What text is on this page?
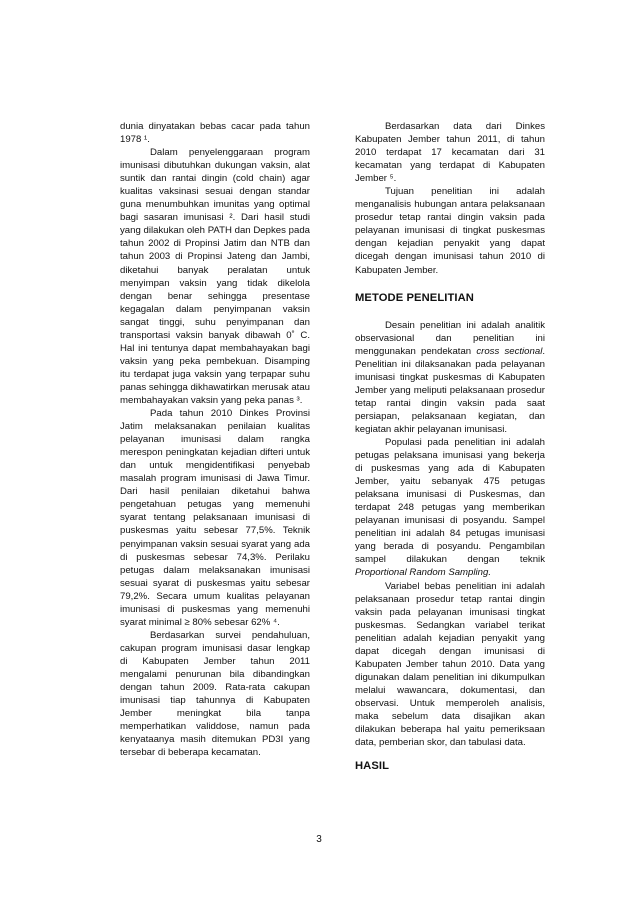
dunia dinyatakan bebas cacar pada tahun 1978 ¹.

Dalam penyelenggaraan program imunisasi dibutuhkan dukungan vaksin, alat suntik dan rantai dingin (cold chain) agar kualitas vaksinasi sesuai dengan standar guna menumbuhkan imunitas yang optimal bagi sasaran imunisasi ². Dari hasil studi yang dilakukan oleh PATH dan Depkes pada tahun 2002 di Propinsi Jatim dan NTB dan tahun 2003 di Propinsi Jateng dan Jambi, diketahui banyak peralatan untuk menyimpan vaksin yang tidak dikelola dengan benar sehingga presentase kegagalan dalam penyimpanan vaksin sangat tinggi, suhu penyimpanan dan transportasi vaksin banyak dibawah 0˚ C. Hal ini tentunya dapat membahayakan bagi vaksin yang peka pembekuan. Disamping itu terdapat juga vaksin yang terpapar suhu panas sehingga dikhawatirkan merusak atau membahayakan vaksin yang peka panas ³.

Pada tahun 2010 Dinkes Provinsi Jatim melaksanakan penilaian kualitas pelayanan imunisasi dalam rangka merespon peningkatan kejadian difteri untuk dan untuk mengidentifikasi penyebab masalah program imunisasi di Jawa Timur. Dari hasil penilaian diketahui bahwa pengetahuan petugas yang memenuhi syarat tentang pelaksanaan imunisasi di puskesmas yaitu sebesar 77,5%. Teknik penyimpanan vaksin sesuai syarat yang ada di puskesmas sebesar 74,3%. Perilaku petugas dalam melaksanakan imunisasi sesuai syarat di puskesmas yaitu sebesar 79,2%. Secara umum kualitas pelayanan imunisasi di puskesmas yang memenuhi syarat minimal ≥ 80% sebesar 62% ⁴.

Berdasarkan survei pendahuluan, cakupan program imunisasi dasar lengkap di Kabupaten Jember tahun 2011 mengalami penurunan bila dibandingkan dengan tahun 2009. Rata-rata cakupan imunisasi tiap tahunnya di Kabupaten Jember meningkat bila tanpa memperhatikan validdose, namun pada kenyataanya masih ditemukan PD3I yang tersebar di beberapa kecamatan.

Berdasarkan data dari Dinkes Kabupaten Jember tahun 2011, di tahun 2010 terdapat 17 kecamatan dari 31 kecamatan yang terdapat di Kabupaten Jember ⁵.

Tujuan penelitian ini adalah menganalisis hubungan antara pelaksanaan prosedur tetap rantai dingin vaksin pada pelayanan imunisasi di tingkat puskesmas dengan kejadian penyakit yang dapat dicegah dengan imunisasi tahun 2010 di Kabupaten Jember.

METODE PENELITIAN

Desain penelitian ini adalah analitik observasional dan penelitian ini menggunakan pendekatan cross sectional. Penelitian ini dilaksanakan pada pelayanan imunisasi tingkat puskesmas di Kabupaten Jember yang meliputi pelaksanaan prosedur tetap rantai dingin vaksin pada saat persiapan, pelaksanaan kegiatan, dan kegiatan akhir pelayanan imunisasi.

Populasi pada penelitian ini adalah petugas pelaksana imunisasi yang bekerja di puskesmas yang ada di Kabupaten Jember, yaitu sebanyak 475 petugas pelaksana imunisasi di Puskesmas, dan terdapat 248 petugas yang memberikan pelayanan imunisasi di posyandu. Sampel penelitian ini adalah 84 petugas imunisasi yang berada di posyandu. Pengambilan sampel dilakukan dengan teknik Proportional Random Sampling.

Variabel bebas penelitian ini adalah pelaksanaan prosedur tetap rantai dingin vaksin pada pelayanan imunisasi tingkat puskesmas. Sedangkan variabel terikat penelitian adalah kejadian penyakit yang dapat dicegah dengan imunisasi di Kabupaten Jember tahun 2010. Data yang digunakan dalam penelitian ini dikumpulkan melalui wawancara, dokumentasi, dan observasi. Untuk memperoleh analisis, maka sebelum data disajikan akan dilakukan beberapa hal yaitu pemeriksaan data, pemberian skor, dan tabulasi data.

HASIL
3
